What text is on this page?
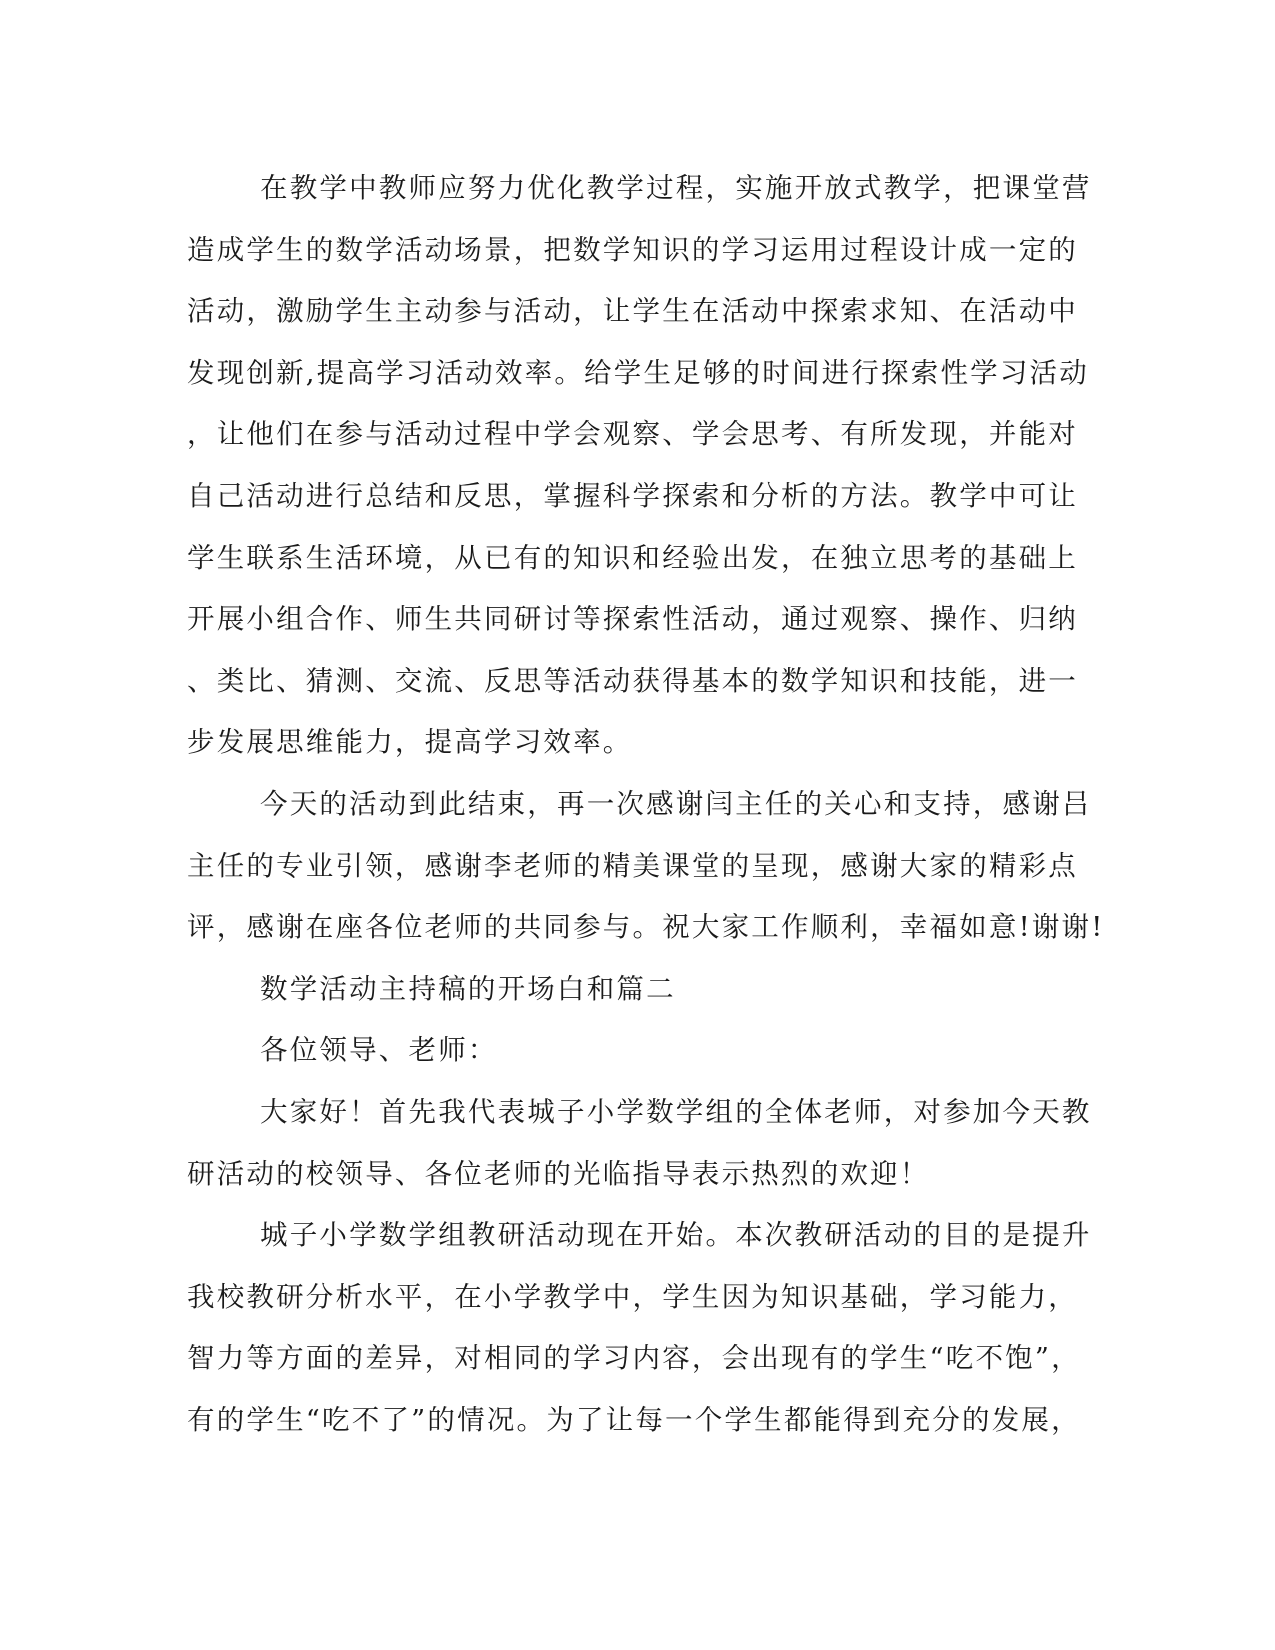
在教学中教师应努力优化教学过程，实施开放式教学，把课堂营
造成学生的数学活动场景，把数学知识的学习运用过程设计成一定的
活动，激励学生主动参与活动，让学生在活动中探索求知、在活动中
发现创新,提高学习活动效率。给学生足够的时间进行探索性学习活动
，让他们在参与活动过程中学会观察、学会思考、有所发现，并能对
自己活动进行总结和反思，掌握科学探索和分析的方法。教学中可让
学生联系生活环境，从已有的知识和经验出发，在独立思考的基础上
开展小组合作、师生共同研讨等探索性活动，通过观察、操作、归纳
、类比、猜测、交流、反思等活动获得基本的数学知识和技能，进一
步发展思维能力，提高学习效率。
今天的活动到此结束，再一次感谢闫主任的关心和支持，感谢吕
主任的专业引领，感谢李老师的精美课堂的呈现，感谢大家的精彩点
评，感谢在座各位老师的共同参与。祝大家工作顺利，幸福如意!谢谢!
数学活动主持稿的开场白和篇二
各位领导、老师：
大家好！首先我代表城子小学数学组的全体老师，对参加今天教
研活动的校领导、各位老师的光临指导表示热烈的欢迎！
城子小学数学组教研活动现在开始。本次教研活动的目的是提升
我校教研分析水平，在小学教学中，学生因为知识基础，学习能力，
智力等方面的差异，对相同的学习内容，会出现有的学生“吃不饱”，
有的学生“吃不了”的情况。为了让每一个学生都能得到充分的发展，
